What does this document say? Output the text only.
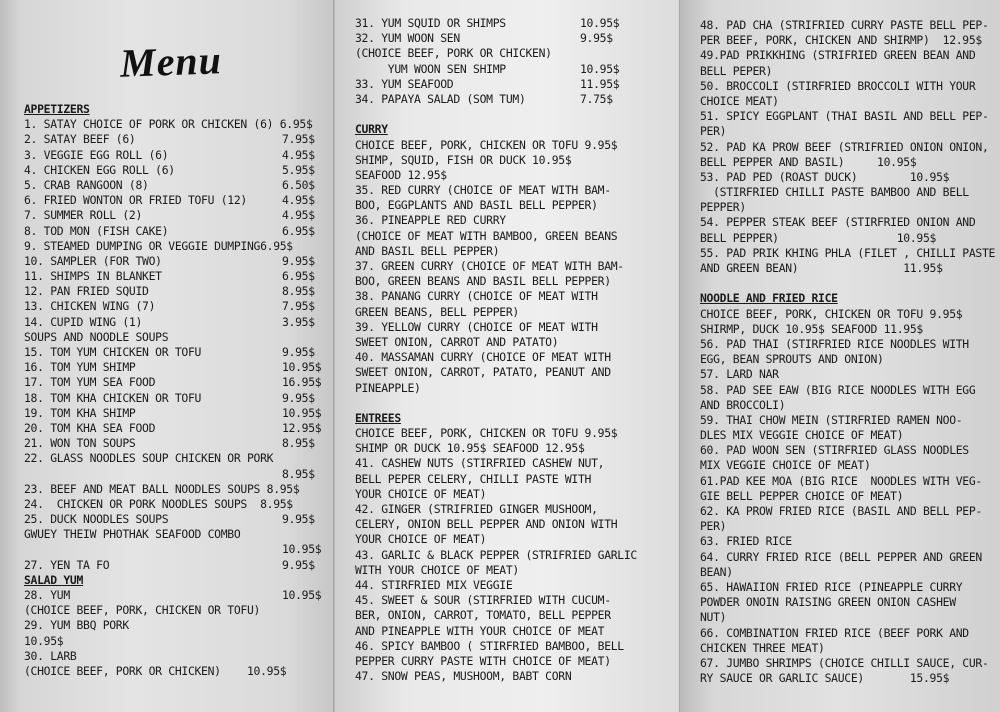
Menu
APPETIZERS
1. SATAY CHOICE OF PORK OR CHICKEN (6) 6.95$
2. SATAY BEEF (6)	7.95$
3. VEGGIE EGG ROLL (6)	4.95$
4. CHICKEN EGG ROLL (6)	5.95$
5. CRAB RANGOON (8)	6.50$
6. FRIED WONTON OR FRIED TOFU (12)	4.95$
7. SUMMER ROLL (2)	4.95$
8. TOD MON (FISH CAKE)	6.95$
9. STEAMED DUMPING OR VEGGIE DUMPING6.95$
10. SAMPLER (FOR TWO)	9.95$
11. SHIMPS IN BLANKET	6.95$
12. PAN FRIED SQUID	8.95$
13. CHICKEN WING (7)	7.95$
14. CUPID WING (1)	3.95$
SOUPS AND NOODLE SOUPS
15. TOM YUM CHICKEN OR TOFU	9.95$
16. TOM YUM SHIMP	10.95$
17. TOM YUM SEA FOOD	16.95$
18. TOM KHA CHICKEN OR TOFU	9.95$
19. TOM KHA SHIMP	10.95$
20. TOM KHA SEA FOOD	12.95$
21. WON TON SOUPS	8.95$
22. GLASS NOODLES SOUP CHICKEN OR PORK
8.95$
23. BEEF AND MEAT BALL NOODLES SOUPS 8.95$
24.  CHICKEN OR PORK NOODLES SOUPS  8.95$
25. DUCK NOODLES SOUPS	9.95$
GWUEY THEIW PHOTHAK SEAFOOD COMBO
10.95$
27. YEN TA FO	9.95$
SALAD YUM
28. YUM	10.95$
(CHOICE BEEF, PORK, CHICKEN OR TOFU)
29. YUM BBQ PORK
10.95$
30. LARB
(CHOICE BEEF, PORK OR CHICKEN)    10.95$
31. YUM SQUID OR SHIMPS	10.95$
32. YUM WOON SEN	9.95$
(CHOICE BEEF, PORK OR CHICKEN)
YUM WOON SEN SHIMP	10.95$
33. YUM SEAFOOD	11.95$
34. PAPAYA SALAD (SOM TUM)	7.75$
CURRY
CHOICE BEEF, PORK, CHICKEN OR TOFU 9.95$
SHIMP, SQUID, FISH OR DUCK 10.95$
SEAFOOD 12.95$
35. RED CURRY (CHOICE OF MEAT WITH BAM-
BOO, EGGPLANTS AND BASIL BELL PEPPER)
36. PINEAPPLE RED CURRY
(CHOICE OF MEAT WITH BAMBOO, GREEN BEANS
AND BASIL BELL PEPPER)
37. GREEN CURRY (CHOICE OF MEAT WITH BAM-
BOO, GREEN BEANS AND BASIL BELL PEPPER)
38. PANANG CURRY (CHOICE OF MEAT WITH
GREEN BEANS, BELL PEPPER)
39. YELLOW CURRY (CHOICE OF MEAT WITH
SWEET ONION, CARROT AND PATATO)
40. MASSAMAN CURRY (CHOICE OF MEAT WITH
SWEET ONION, CARROT, PATATO, PEANUT AND
PINEAPPLE)
ENTREES
CHOICE BEEF, PORK, CHICKEN OR TOFU 9.95$
SHIMP OR DUCK 10.95$ SEAFOOD 12.95$
41. CASHEW NUTS (STIRFRIED CASHEW NUT,
BELL PEPER CELERY, CHILLI PASTE WITH
YOUR CHOICE OF MEAT)
42. GINGER (STRIFRIED GINGER MUSHOOM,
CELERY, ONION BELL PEPPER AND ONION WITH
YOUR CHOICE OF MEAT)
43. GARLIC & BLACK PEPPER (STRIFRIED GARLIC
WITH YOUR CHOICE OF MEAT)
44. STIRFRIED MIX VEGGIE
45. SWEET & SOUR (STIRFRIED WITH CUCUM-
BER, ONION, CARROT, TOMATO, BELL PEPPER
AND PINEAPPLE WITH YOUR CHOICE OF MEAT
46. SPICY BAMBOO ( STIRFRIED BAMBOO, BELL
PEPPER CURRY PASTE WITH CHOICE OF MEAT)
47. SNOW PEAS, MUSHOOM, BABT CORN
48. PAD CHA (STRIFRIED CURRY PASTE BELL PEP-
PER BEEF, PORK, CHICKEN AND SHIRMP)  12.95$
49.PAD PRIKKHING (STRIFRIED GREEN BEAN AND
BELL PEPER)
50. BROCCOLI (STIRFRIED BROCCOLI WITH YOUR
CHOICE MEAT)
51. SPICY EGGPLANT (THAI BASIL AND BELL PEP-
PER)
52. PAD KA PROW BEEF (STRIFRIED ONION ONION,
BELL PEPPER AND BASIL)     10.95$
53. PAD PED (ROAST DUCK)        10.95$
(STIRFRIED CHILLI PASTE BAMBOO AND BELL
PEPPER)
54. PEPPER STEAK BEEF (STIRFRIED ONION AND
BELL PEPPER)                  10.95$
55. PAD PRIK KHING PHLA (FILET , CHILLI PASTE
AND GREEN BEAN)                11.95$
NOODLE AND FRIED RICE
CHOICE BEEF, PORK, CHICKEN OR TOFU 9.95$
SHIRMP, DUCK 10.95$ SEAFOOD 11.95$
56. PAD THAI (STIRFRIED RICE NOODLES WITH
EGG, BEAN SPROUTS AND ONION)
57. LARD NAR
58. PAD SEE EAW (BIG RICE NOODLES WITH EGG
AND BROCCOLI)
59. THAI CHOW MEIN (STIRFRIED RAMEN NOO-
DLES MIX VEGGIE CHOICE OF MEAT)
60. PAD WOON SEN (STIRFRIED GLASS NOODLES
MIX VEGGIE CHOICE OF MEAT)
61.PAD KEE MOA (BIG RICE  NOODLES WITH VEG-
GIE BELL PEPPER CHOICE OF MEAT)
62. KA PROW FRIED RICE (BASIL AND BELL PEP-
PER)
63. FRIED RICE
64. CURRY FRIED RICE (BELL PEPPER AND GREEN
BEAN)
65. HAWAIION FRIED RICE (PINEAPPLE CURRY
POWDER ONOIN RAISING GREEN ONION CASHEW
NUT)
66. COMBINATION FRIED RICE (BEEF PORK AND
CHICKEN THREE MEAT)
67. JUMBO SHRIMPS (CHOICE CHILLI SAUCE, CUR-
RY SAUCE OR GARLIC SAUCE)       15.95$
